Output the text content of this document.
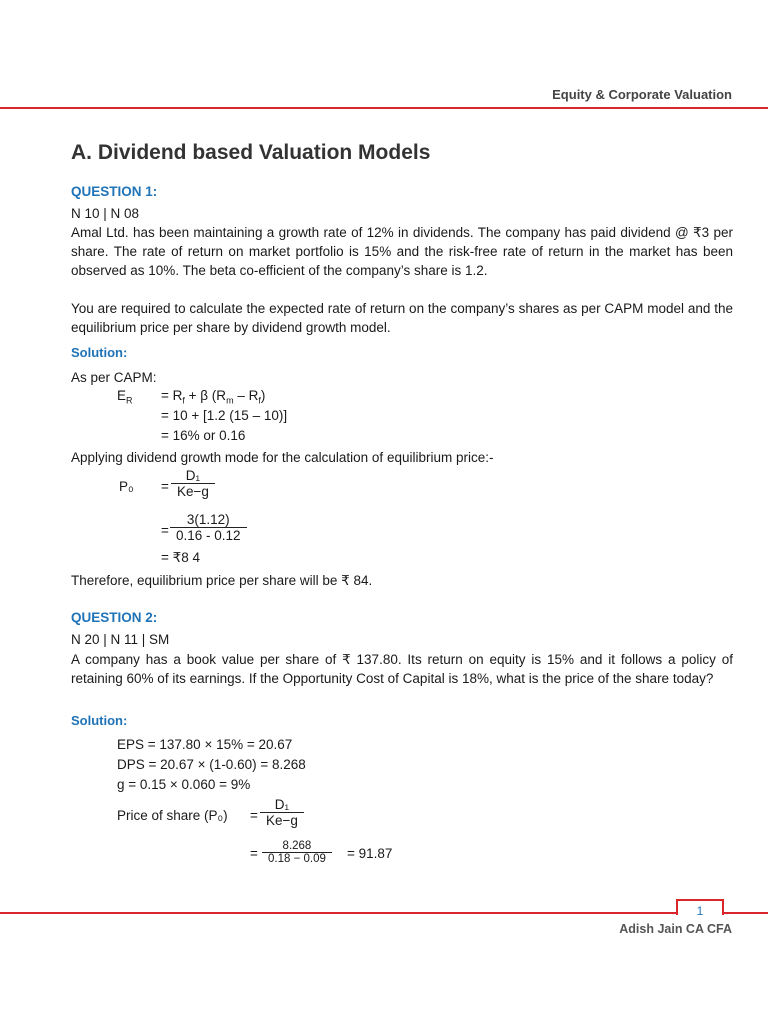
Equity & Corporate Valuation
A. Dividend based Valuation Models
QUESTION 1:
N 10 | N 08
Amal Ltd. has been maintaining a growth rate of 12% in dividends. The company has paid dividend @ ₹3 per share. The rate of return on market portfolio is 15% and the risk-free rate of return in the market has been observed as 10%. The beta co-efficient of the company’s share is 1.2.
You are required to calculate the expected rate of return on the company’s shares as per CAPM model and the equilibrium price per share by dividend growth model.
Solution:
As per CAPM:
$E_R = R_f + \beta$ $(R_m - R_f)$
= 10 + [1.2 (15 – 10)]
= 16% or 0.16
Applying dividend growth mode for the calculation of equilibrium price:-
$P_0 = \frac{\text{D₁}}{Ke-g}$
= $\frac{3(1.12)}{0.16 - 0.12}$
= ₹8 4
Therefore, equilibrium price per share will be ₹ 84.
QUESTION 2:
N 20 | N 11 | SM
A company has a book value per share of ₹ 137.80. Its return on equity is 15% and it follows a policy of retaining 60% of its earnings. If the Opportunity Cost of Capital is 18%, what is the price of the share today?
Solution:
EPS = 137.80 × 15% = 20.67
DPS = 20.67 × (1-0.60) = 8.268
g = 0.15 × 0.060 = 9%
Price of share $(P_0) = \frac{\text{D₁}}{Ke-g}$
= $\frac{8.268}{0.18 - 0.09} = 91.87$
1
Adish Jain CA CFA
